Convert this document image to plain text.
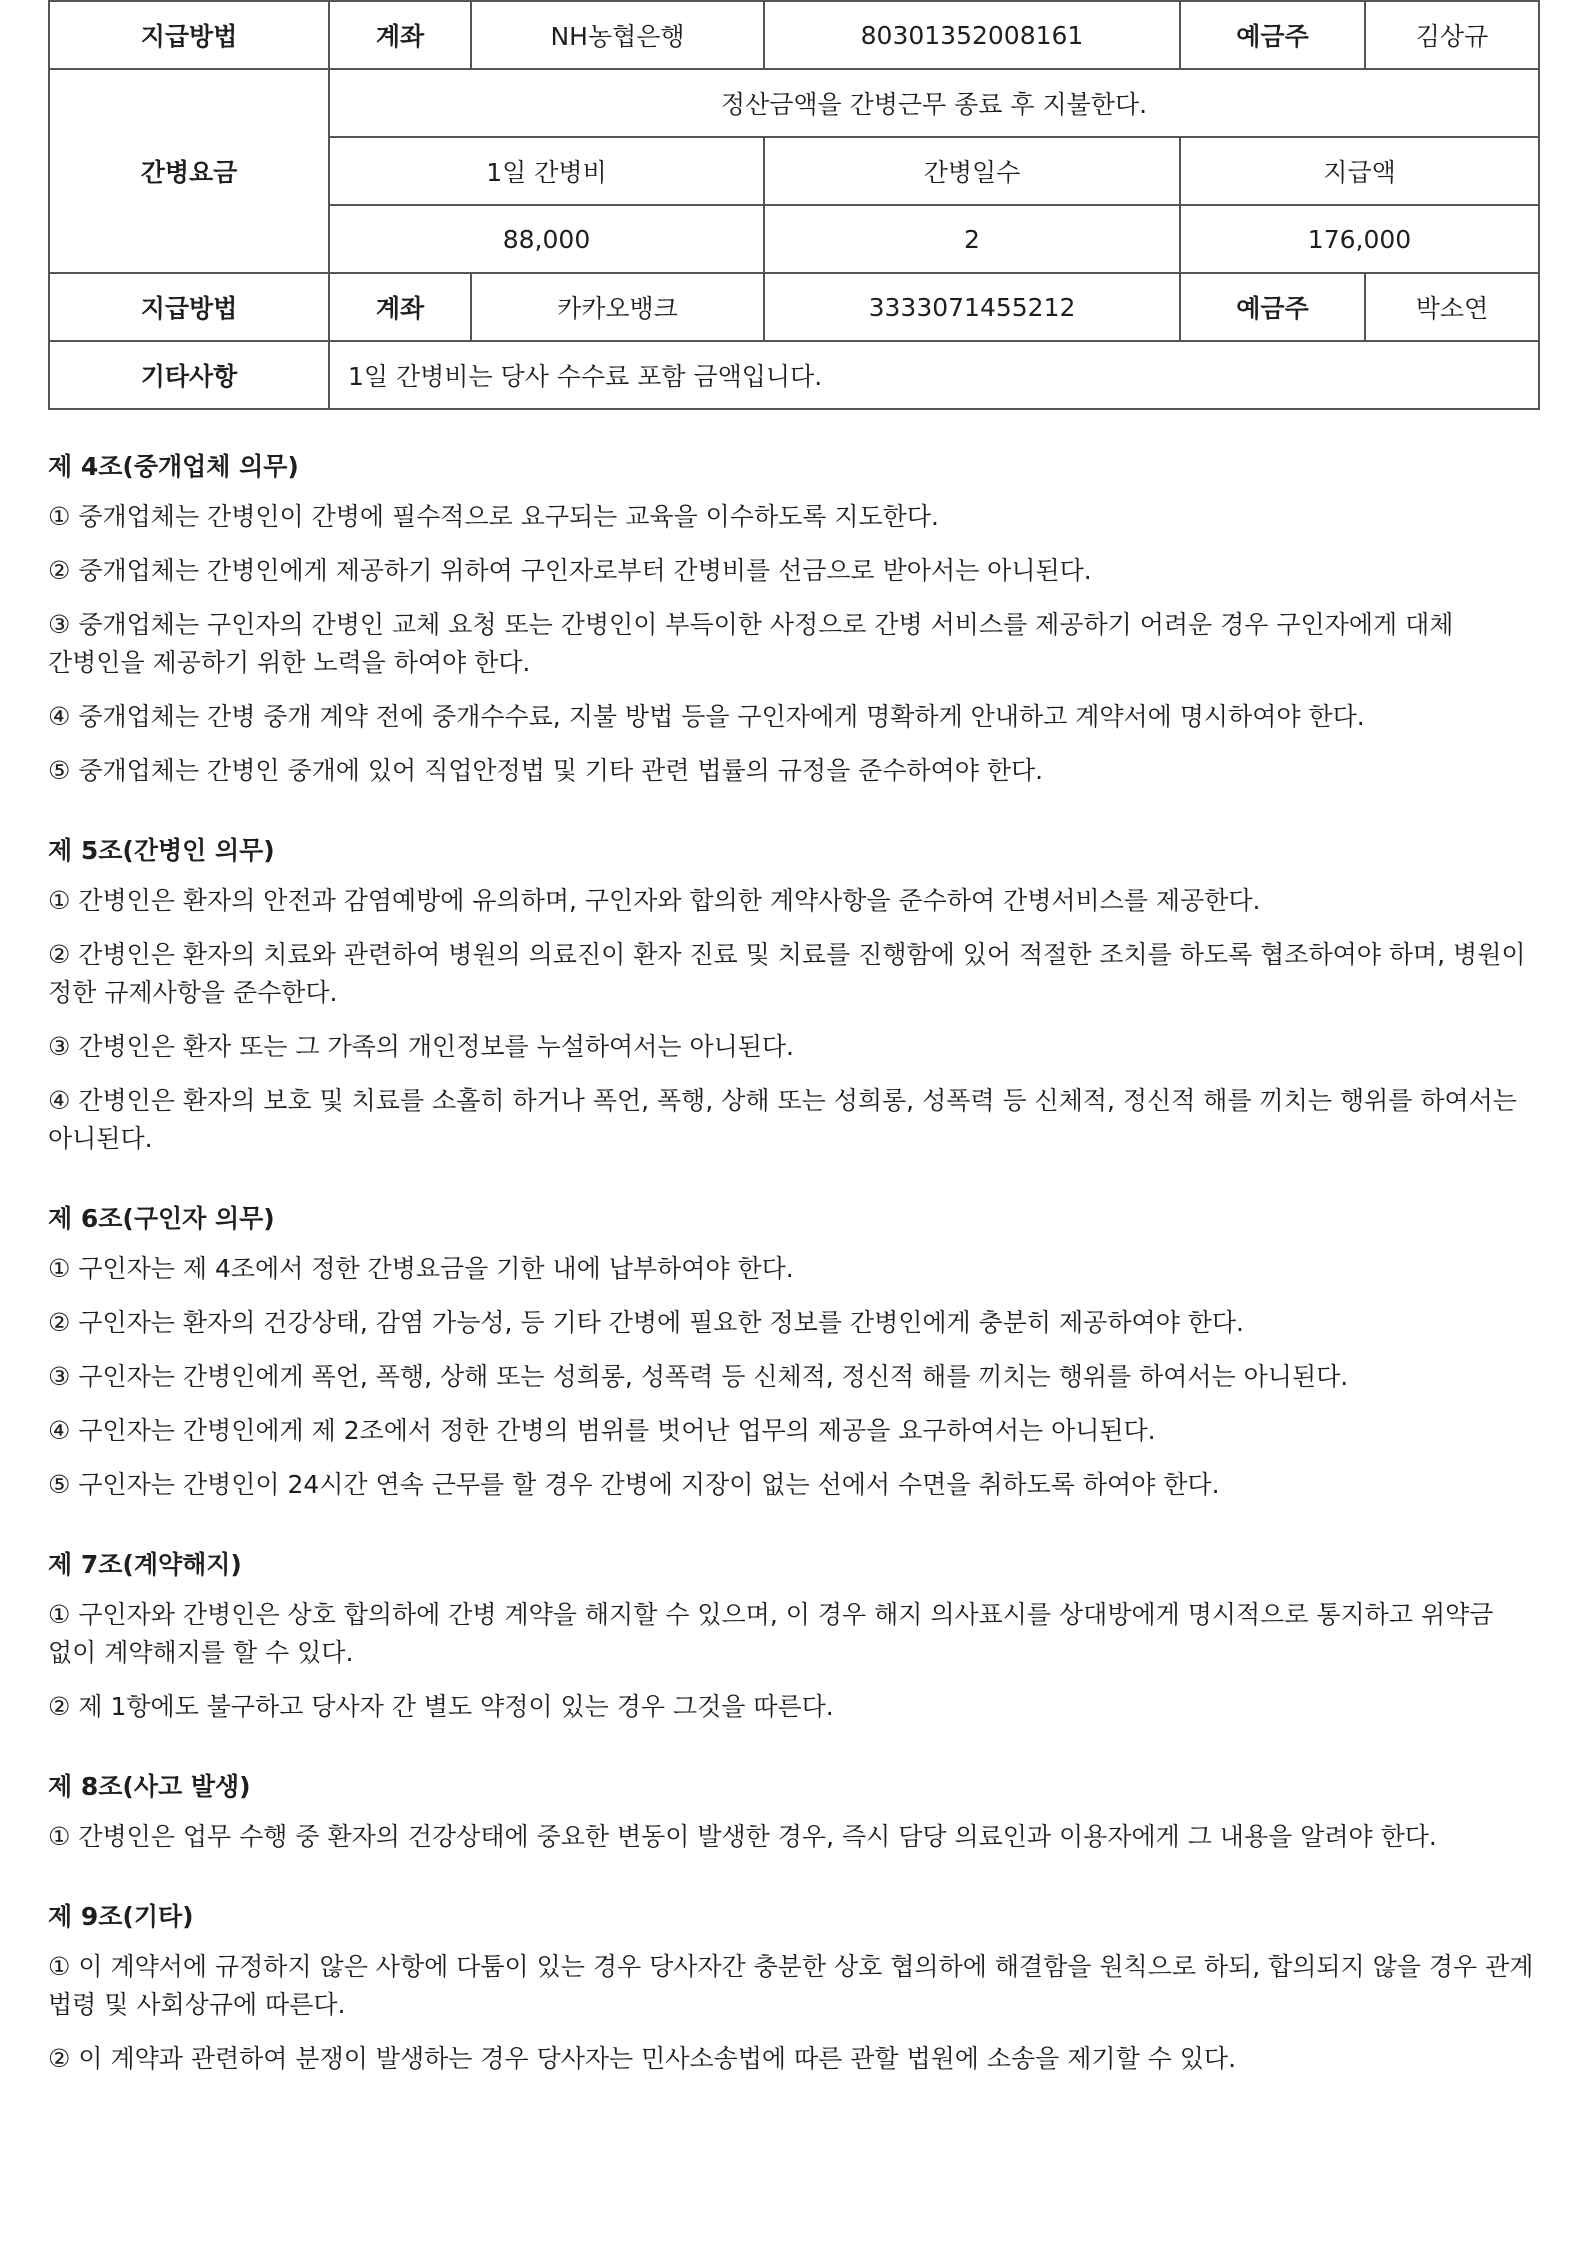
지급방법	계좌	NH농협은행	80301352008161	예금주	김상규
간병요금	정산금액을 간병근무 종료 후 지불한다.				
	1일 간병비		간병일수	지급액	
	88,000		2	176,000	
지급방법	계좌	카카오뱅크	3333071455212	예금주	박소연
기타사항	1일 간병비는 당사 수수료 포함 금액입니다.				

제 4조(중개업체 의무)

① 중개업체는 간병인이 간병에 필수적으로 요구되는 교육을 이수하도록 지도한다.

② 중개업체는 간병인에게 제공하기 위하여 구인자로부터 간병비를 선금으로 받아서는 아니된다.

③ 중개업체는 구인자의 간병인 교체 요청 또는 간병인이 부득이한 사정으로 간병 서비스를 제공하기 어려운 경우 구인자에게 대체 간병인을 제공하기 위한 노력을 하여야 한다.

④ 중개업체는 간병 중개 계약 전에 중개수수료, 지불 방법 등을 구인자에게 명확하게 안내하고 계약서에 명시하여야 한다.

⑤ 중개업체는 간병인 중개에 있어 직업안정법 및 기타 관련 법률의 규정을 준수하여야 한다.

제 5조(간병인 의무)

① 간병인은 환자의 안전과 감염예방에 유의하며, 구인자와 합의한 계약사항을 준수하여 간병서비스를 제공한다.

② 간병인은 환자의 치료와 관련하여 병원의 의료진이 환자 진료 및 치료를 진행함에 있어 적절한 조치를 하도록 협조하여야 하며, 병원이 정한 규제사항을 준수한다.

③ 간병인은 환자 또는 그 가족의 개인정보를 누설하여서는 아니된다.

④ 간병인은 환자의 보호 및 치료를 소홀히 하거나 폭언, 폭행, 상해 또는 성희롱, 성폭력 등 신체적, 정신적 해를 끼치는 행위를 하여서는 아니된다.

제 6조(구인자 의무)

① 구인자는 제 4조에서 정한 간병요금을 기한 내에 납부하여야 한다.

② 구인자는 환자의 건강상태, 감염 가능성, 등 기타 간병에 필요한 정보를 간병인에게 충분히 제공하여야 한다.

③ 구인자는 간병인에게 폭언, 폭행, 상해 또는 성희롱, 성폭력 등 신체적, 정신적 해를 끼치는 행위를 하여서는 아니된다.

④ 구인자는 간병인에게 제 2조에서 정한 간병의 범위를 벗어난 업무의 제공을 요구하여서는 아니된다.

⑤ 구인자는 간병인이 24시간 연속 근무를 할 경우 간병에 지장이 없는 선에서 수면을 취하도록 하여야 한다.

제 7조(계약해지)

① 구인자와 간병인은 상호 합의하에 간병 계약을 해지할 수 있으며, 이 경우 해지 의사표시를 상대방에게 명시적으로 통지하고 위약금 없이 계약해지를 할 수 있다.

② 제 1항에도 불구하고 당사자 간 별도 약정이 있는 경우 그것을 따른다.

제 8조(사고 발생)

① 간병인은 업무 수행 중 환자의 건강상태에 중요한 변동이 발생한 경우, 즉시 담당 의료인과 이용자에게 그 내용을 알려야 한다.

제 9조(기타)

① 이 계약서에 규정하지 않은 사항에 다툼이 있는 경우 당사자간 충분한 상호 협의하에 해결함을 원칙으로 하되, 합의되지 않을 경우 관계 법령 및 사회상규에 따른다.

② 이 계약과 관련하여 분쟁이 발생하는 경우 당사자는 민사소송법에 따른 관할 법원에 소송을 제기할 수 있다.
